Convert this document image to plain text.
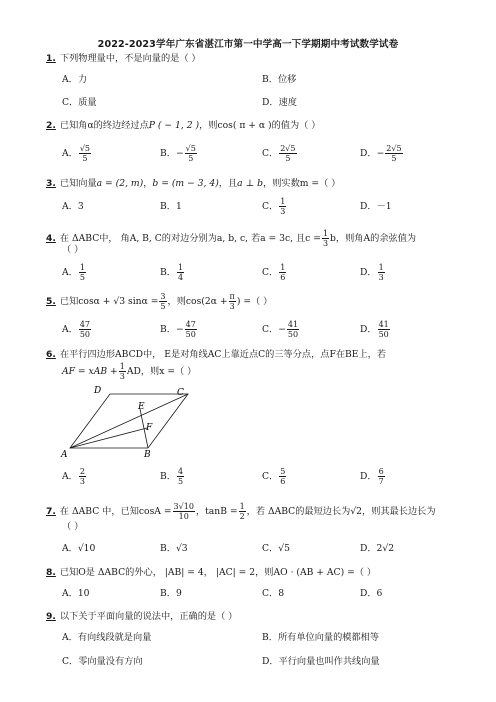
2022-2023学年广东省湛江市第一中学高一下学期期中考试数学试卷
1. 下列物理量中，不是向量的是（ ）
A．力	B．位移
C．质量	D．速度
2. 已知角α的终边经过点P ( − 1, 2 )，则cos( π + α )的值为（ ）
A． $\frac{√5}{5}$	B．− $\frac{√5}{5}$	C． $\frac{2√5}{5}$	D．− $\frac{2√5}{5}$
3. 已知向量a = (2, m)，b = (m − 3, 4)，且a ⊥ b，则实数m =（ ）
A．3	B．1	C． $\frac{1}{3}$	D．－1
4. 在 ΔABC中， 角A, B, C的对边分别为a, b, c, 若a = 3c, 且$c = \frac{1}{3}$ b，则角A的余弦值为
（ ）
A． $\frac{1}{5}$	B． $\frac{1}{4}$	C． $\frac{1}{6}$	D． $\frac{1}{3}$
5. 已知cosα + √3 $\sin\alpha = \frac{3}{5}$ ，则$\cos(2\alpha + \frac{\pi}{3}$ ) =（ ）
A． $\frac{47}{50}$	B．− $\frac{47}{50}$	C．− $\frac{41}{50}$	D． $\frac{41}{50}$
6. 在平行四边形ABCD中， E是对角线AC上靠近点C的三等分点，点F在BE上，若
AF = xAB + $\frac{1}{3}$ AD，则x =（ ）
A	B
C
D
E
F
A． $\frac{2}{3}$	B． $\frac{4}{5}$	C． $\frac{5}{6}$	D． $\frac{6}{7}$
7. 在 ΔABC 中，已知$\cos A = \frac{3√10}{10}$ ，$\tan B = \frac{1}{2}$ ，若 ΔABC的最短边长为√2，则其最长边长为
（ ）
A．√10	B．√3	C．√5	D．2√2
8. 已知O是 ΔABC的外心， |AB| = 4， |AC| = 2，则AO · (AB + AC) =（ ）
A．10	B．9	C．8	D．6
9. 以下关于平面向量的说法中，正确的是（ ）
A．有向线段就是向量	B．所有单位向量的模都相等
C．零向量没有方向	D．平行向量也叫作共线向量
